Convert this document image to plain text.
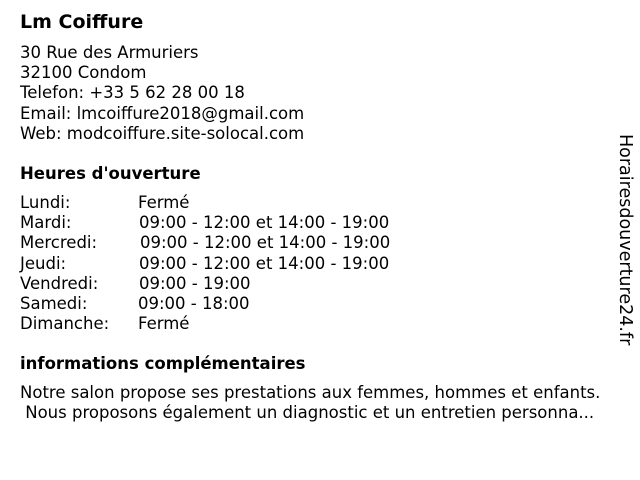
Lm Coiffure
30 Rue des Armuriers
32100 Condom
Telefon: +33 5 62 28 00 18
Email: lmcoiffure2018@gmail.com
Web: modcoiffure.site-solocal.com
Heures d'ouverture
Lundi:	Fermé
Mardi:	09:00 - 12:00 et 14:00 - 19:00
Mercredi:	09:00 - 12:00 et 14:00 - 19:00
Jeudi:	09:00 - 12:00 et 14:00 - 19:00
Vendredi: 09:00 - 19:00
Samedi:	09:00 - 18:00
Dimanche: Fermé
informations complémentaires
Notre salon propose ses prestations aux femmes, hommes et enfants.
Nous proposons également un diagnostic et un entretien personna...
Horairesdouverture24.fr
